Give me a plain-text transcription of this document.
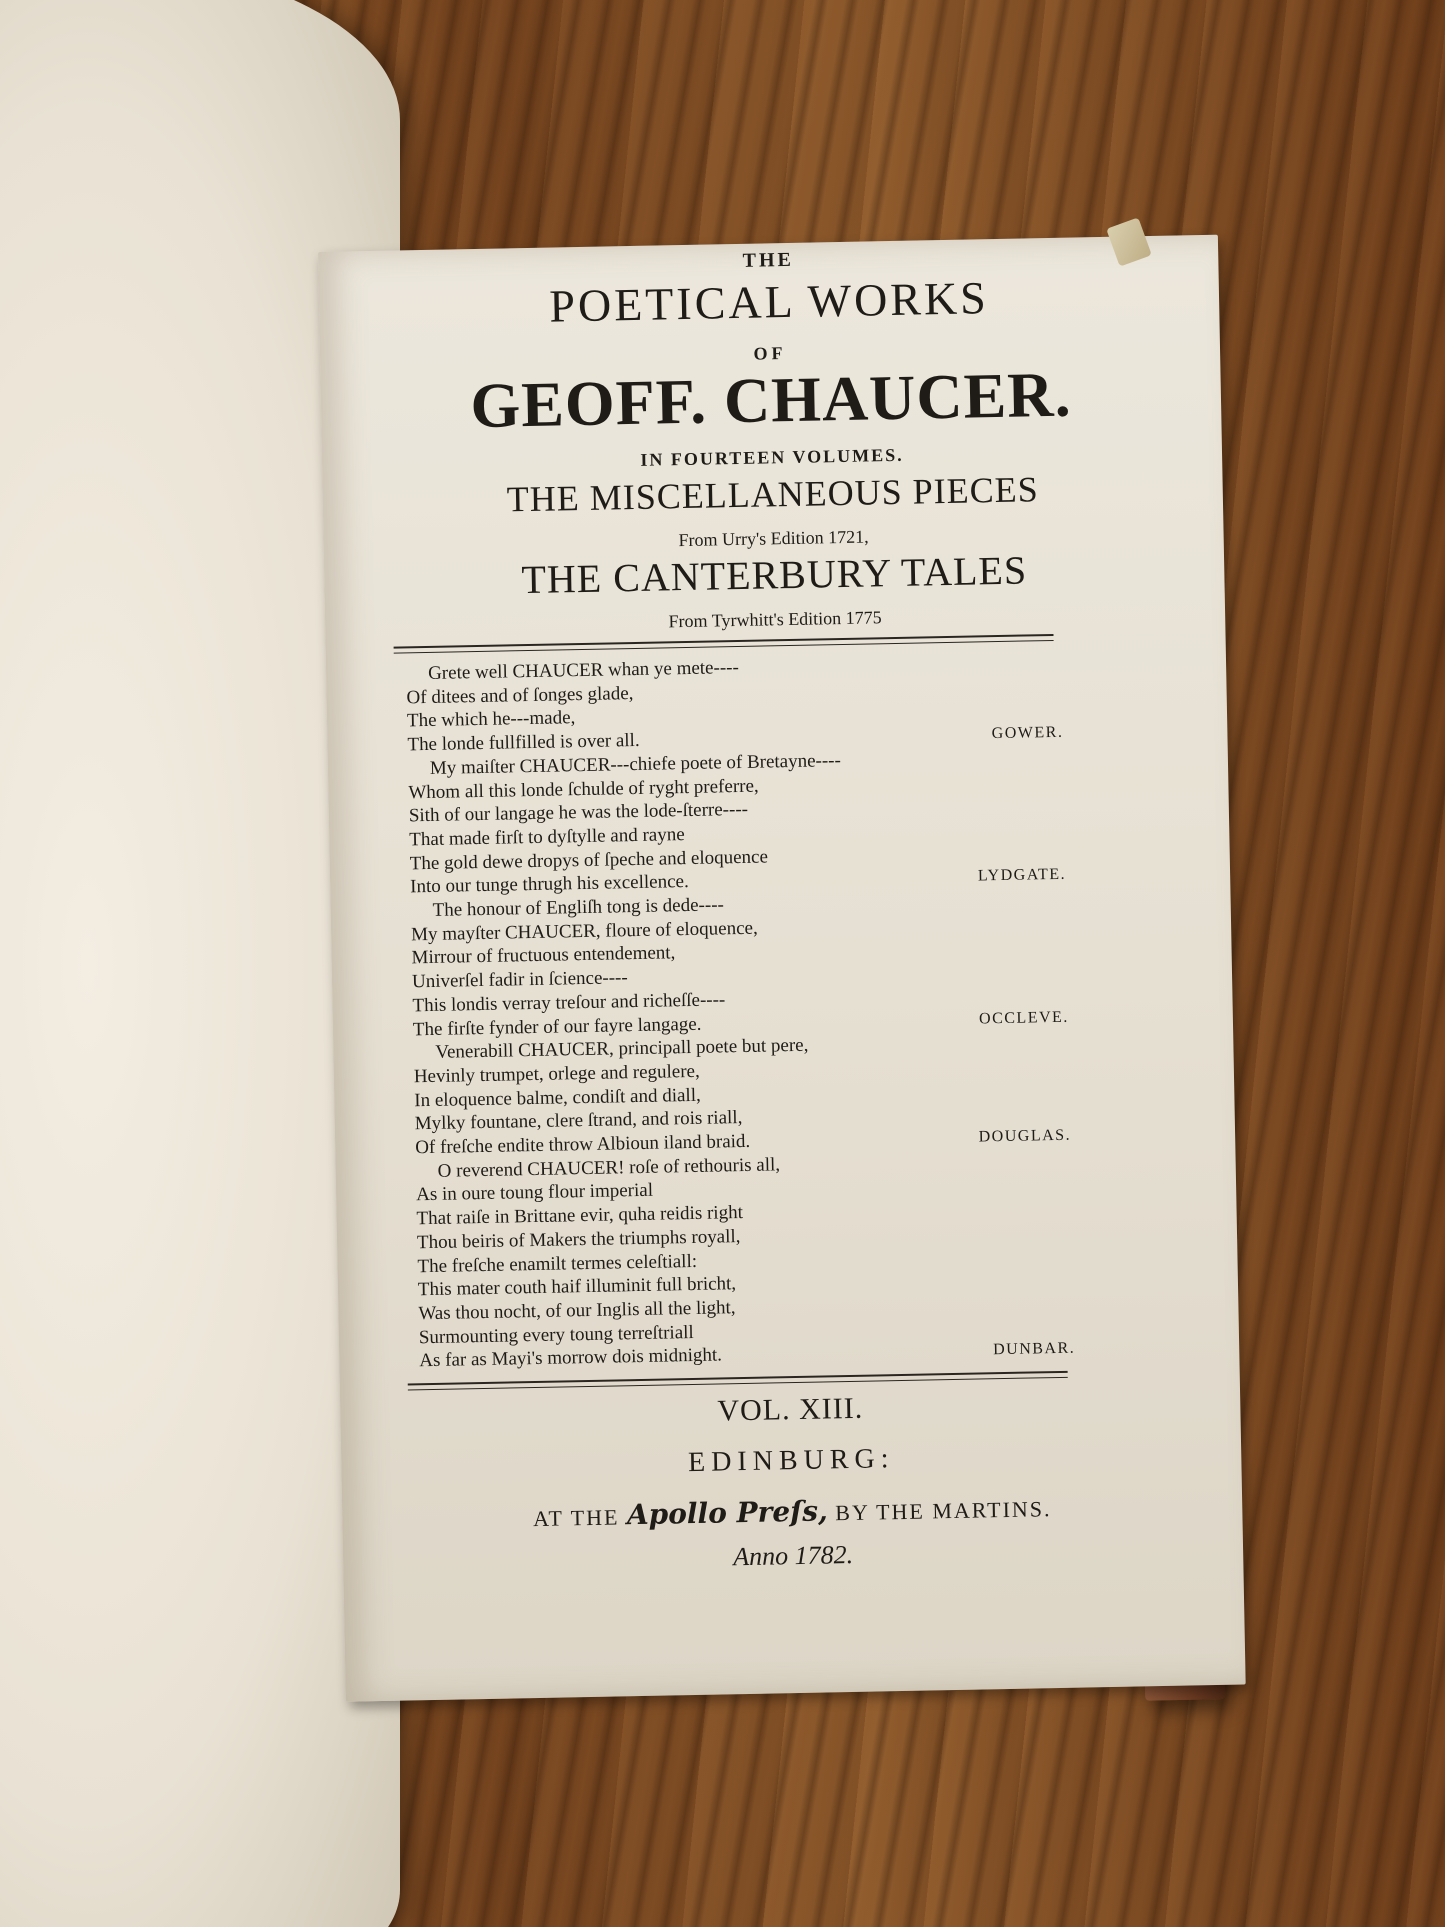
THE
POETICAL WORKS
OF
GEOFF. CHAUCER.
IN FOURTEEN VOLUMES.
THE MISCELLANEOUS PIECES
From Urry's Edition 1721,
THE CANTERBURY TALES
From Tyrwhitt's Edition 1775
Grete well CHAUCER whan ye mete----
Of ditees and of ſonges glade,
The which he---made,
The londe fullfilled is over all.	GOWER.
My maiſter CHAUCER---chiefe poete of Bretayne----
Whom all this londe ſchulde of ryght preferre,
Sith of our langage he was the lode-ſterre----
That made firſt to dyſtylle and rayne
The gold dewe dropys of ſpeche and eloquence
Into our tunge thrugh his excellence.	LYDGATE.
The honour of Engliſh tong is dede----
My mayſter CHAUCER, floure of eloquence,
Mirrour of fructuous entendement,
Univerſel fadir in ſcience----
This londis verray treſour and richeſſe----
The firſte fynder of our fayre langage.	OCCLEVE.
Venerabill CHAUCER, principall poete but pere,
Hevinly trumpet, orlege and regulere,
In eloquence balme, condiſt and diall,
Mylky fountane, clere ſtrand, and rois riall,
Of freſche endite throw Albioun iland braid.	DOUGLAS.
O reverend CHAUCER! roſe of rethouris all,
As in oure toung flour imperial
That raiſe in Brittane evir, quha reidis right
Thou beiris of Makers the triumphs royall,
The freſche enamilt termes celeſtiall:
This mater couth haif illuminit full bricht,
Was thou nocht, of our Inglis all the light,
Surmounting every toung terreſtriall
As far as Mayi's morrow dois midnight.	DUNBAR.
VOL. XIII.
EDINBURG:
AT THE Apollo Preſs, BY THE MARTINS.
Anno 1782.
